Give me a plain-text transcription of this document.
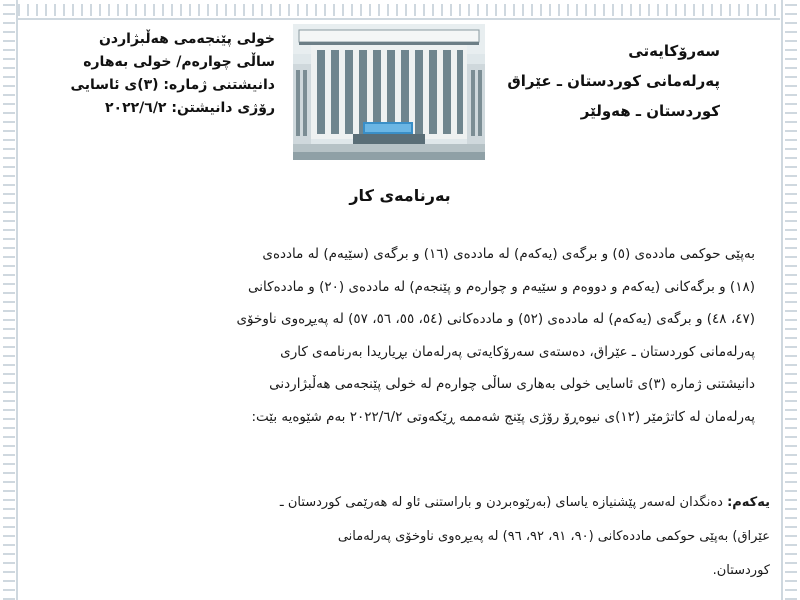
سەرۆکایەتی
پەرلەمانی کوردستان ـ عێراق
کوردستان ـ هەولێر
خولی پێنجەمی هەڵبژاردن
ساڵی چوارەم/ خولی بەهارە
دانیشتنی ژمارە: (٣)ی ئاسایی
رۆژی دانیشتن: ٢٠٢٢/٦/٢
بەرنامەی کار
بەپێی حوکمی ماددەی (٥) و برگەی (یەکەم) لە ماددەی (١٦) و برگەی (سێیەم) لە ماددەی
(١٨) و برگەکانی (یەکەم و دووەم و سێیەم و چوارەم و پێنجەم) لە ماددەی (٢٠) و ماددەکانی
(٤٧، ٤٨) و برگەی (یەکەم) لە ماددەی (٥٢) و ماددەکانی (٥٤، ٥٥، ٥٦، ٥٧) لە پەیڕەوی ناوخۆی
پەرلەمانی کوردستان ـ عێراق، دەستەی سەرۆکایەتی پەرلەمان بڕیاریدا بەرنامەی کاری
دانیشتنی ژمارە (٣)ی ئاسایی خولی بەهاری ساڵی چوارەم لە خولی پێنجەمی هەڵبژاردنی
پەرلەمان لە کاتژمێر (١٢)ی نیوەڕۆ رۆژی پێنج شەممە ڕێکەوتی ٢٠٢٢/٦/٢ بەم شێوەیە بێت:
یەکەم: دەنگدان لەسەر پێشنیازە یاسای (بەرێوەبردن و باراستنی ئاو لە هەرێمی کوردستان ـ
عێراق) بەپێی حوکمی ماددەکانی (٩٠، ٩١، ٩٢، ٩٦) لە پەیڕەوی ناوخۆی پەرلەمانی
کوردستان.
